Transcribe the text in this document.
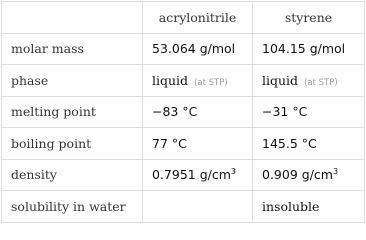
	acrylonitrile	styrene
molar mass	53.064 g/mol	104.15 g/mol
phase	liquid (at STP)	liquid (at STP)
melting point	−83 °C	−31 °C
boiling point	77 °C	145.5 °C
density	0.7951 $g/cm^3$	0.909 $g/cm^3$
solubility in water		insoluble
